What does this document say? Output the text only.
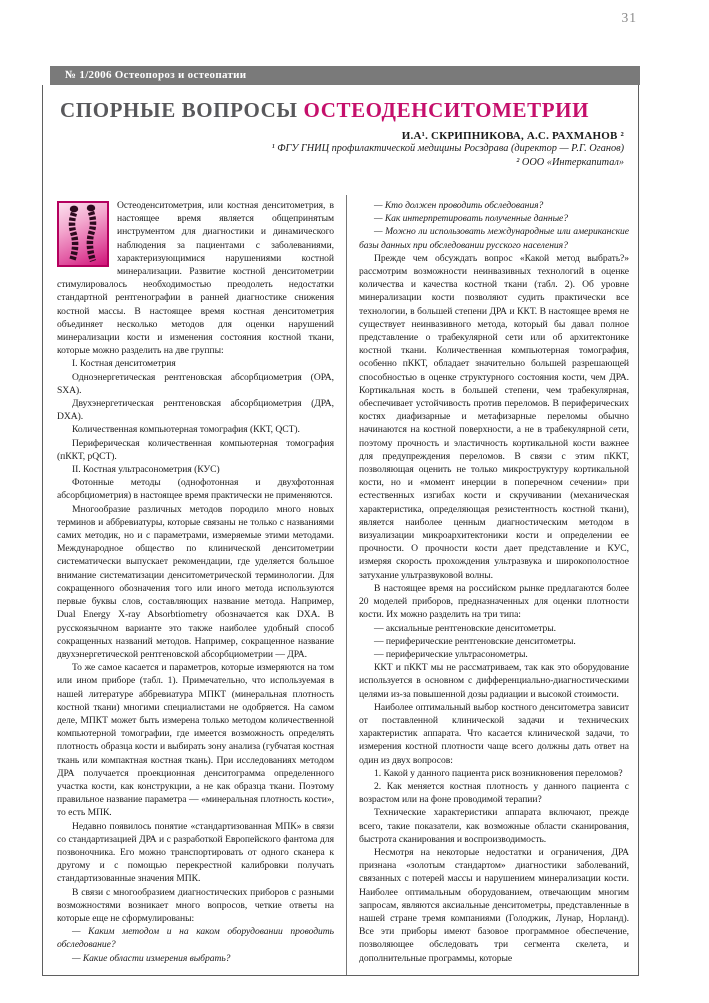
№ 1/2006 Остеопороз и остеопатии
СПОРНЫЕ ВОПРОСЫ ОСТЕОДЕНСИТОМЕТРИИ
И.А¹. СКРИПНИКОВА, А.С. РАХМАНОВ ²
¹ ФГУ ГНИЦ профилактической медицины Росздрава (директор — Р.Г. Оганов)
² ООО «Интеркапитал»

Остеоденситометрия, или костная денситометрия, в настоящее время является общепринятым инструментом для диагностики и динамического наблюдения за пациентами с заболеваниями, характеризующимися нарушениями костной минерализации. Развитие костной денситометрии стимулировалось необходимостью преодолеть недостатки стандартной рентгенографии в ранней диагностике снижения костной массы. В настоящее время костная денситометрия объединяет несколько методов для оценки нарушений минерализации кости и изменения состояния костной ткани, которые можно разделить на две группы:

I. Костная денситометрия

Одноэнергетическая рентгеновская абсорбциометрия (ОРА, SXA).

Двухэнергетическая рентгеновская абсорбциометрия (ДРА, DXA).

Количественная компьютерная томография (ККТ, QCT).

Периферическая количественная компьютерная томография (пККТ, pQCT).

II. Костная ультрасонометрия (КУС)

Фотонные методы (однофотонная и двухфотонная абсорбциометрия) в настоящее время практически не применяются.

Многообразие различных методов породило много новых терминов и аббревиатуры, которые связаны не только с названиями самих методик, но и с параметрами, измеряемые этими методами. Международное общество по клинической денситометрии систематически выпускает рекомендации, где уделяется большое внимание систематизации денситометрической терминологии. Для сокращенного обозначения того или иного метода используются первые буквы слов, составляющих название метода. Например, Dual Energy X-ray Absorbtiometry обозначается как DXA. В русскоязычном варианте это также наиболее удобный способ сокращенных названий методов. Например, сокращенное название двухэнергетической рентгеновской абсорбциометрии — ДРА.

То же самое касается и параметров, которые измеряются на том или ином приборе (табл. 1). Примечательно, что используемая в нашей литературе аббревиатура МПКТ (минеральная плотность костной ткани) многими специалистами не одобряется. На самом деле, МПКТ может быть измерена только методом количественной компьютерной томографии, где имеется возможность определять плотность образца кости и выбирать зону анализа (губчатая костная ткань или компактная костная ткань). При исследованиях методом ДРА получается проекционная денситограмма определенного участка кости, как конструкции, а не как образца ткани. Поэтому правильное название параметра — «минеральная плотность кости», то есть МПК.

Недавно появилось понятие «стандартизованная МПК» в связи со стандартизацией ДРА и с разработкой Европейского фантома для позвоночника. Его можно транспортировать от одного сканера к другому и с помощью перекрестной калибровки получать стандартизованные значения МПК.

В связи с многообразием диагностических приборов с разными возможностями возникает много вопросов, четкие ответы на которые еще не сформулированы:

— Каким методом и на каком оборудовании проводить обследование?

— Какие области измерения выбрать?

— Кто должен проводить обследования?

— Как интерпретировать полученные данные?

— Можно ли использовать международные или американские базы данных при обследовании русского населения?

Прежде чем обсуждать вопрос «Какой метод выбрать?» рассмотрим возможности неинвазивных технологий в оценке количества и качества костной ткани (табл. 2). Об уровне минерализации кости позволяют судить практически все технологии, в большей степени ДРА и ККТ. В настоящее время не существует неинвазивного метода, который бы давал полное представление о трабекулярной сети или об архитектонике костной ткани. Количественная компьютерная томография, особенно пККТ, обладает значительно большей разрешающей способностью в оценке структурного состояния кости, чем ДРА. Кортикальная кость в большей степени, чем трабекулярная, обеспечивает устойчивость против переломов. В периферических костях диафизарные и метафизарные переломы обычно начинаются на костной поверхности, а не в трабекулярной сети, поэтому прочность и эластичность кортикальной кости важнее для предупреждения переломов. В связи с этим пККТ, позволяющая оценить не только микроструктуру кортикальной кости, но и «момент инерции в поперечном сечении» при естественных изгибах кости и скручивании (механическая характеристика, определяющая резистентность костной ткани), является наиболее ценным диагностическим методом в визуализации микроархитектоники кости и определении ее прочности. О прочности кости дает представление и КУС, измеряя скорость прохождения ультразвука и широкополостное затухание ультразвуковой волны.

В настоящее время на российском рынке предлагаются более 20 моделей приборов, предназначенных для оценки плотности кости. Их можно разделить на три типа:

— аксиальные рентгеновские денситометры.

— периферические рентгеновские денситометры.

— периферические ультрасонометры.

ККТ и пККТ мы не рассматриваем, так как это оборудование используется в основном с дифференциально-диагностическими целями из-за повышенной дозы радиации и высокой стоимости.

Наиболее оптимальный выбор костного денситометра зависит от поставленной клинической задачи и технических характеристик аппарата. Что касается клинической задачи, то измерения костной плотности чаще всего должны дать ответ на один из двух вопросов:

1. Какой у данного пациента риск возникновения переломов?

2. Как меняется костная плотность у данного пациента с возрастом или на фоне проводимой терапии?

Технические характеристики аппарата включают, прежде всего, такие показатели, как возможные области сканирования, быстрота сканирования и воспроизводимость.

Несмотря на некоторые недостатки и ограничения, ДРА признана «золотым стандартом» диагностики заболеваний, связанных с потерей массы и нарушением минерализации кости. Наиболее оптимальным оборудованием, отвечающим многим запросам, являются аксиальные денситометры, представленные в нашей стране тремя компаниями (Голоджик, Лунар, Норланд). Все эти приборы имеют базовое программное обеспечение, позволяющее обследовать три сегмента скелета, и дополнительные программы, которые

31
